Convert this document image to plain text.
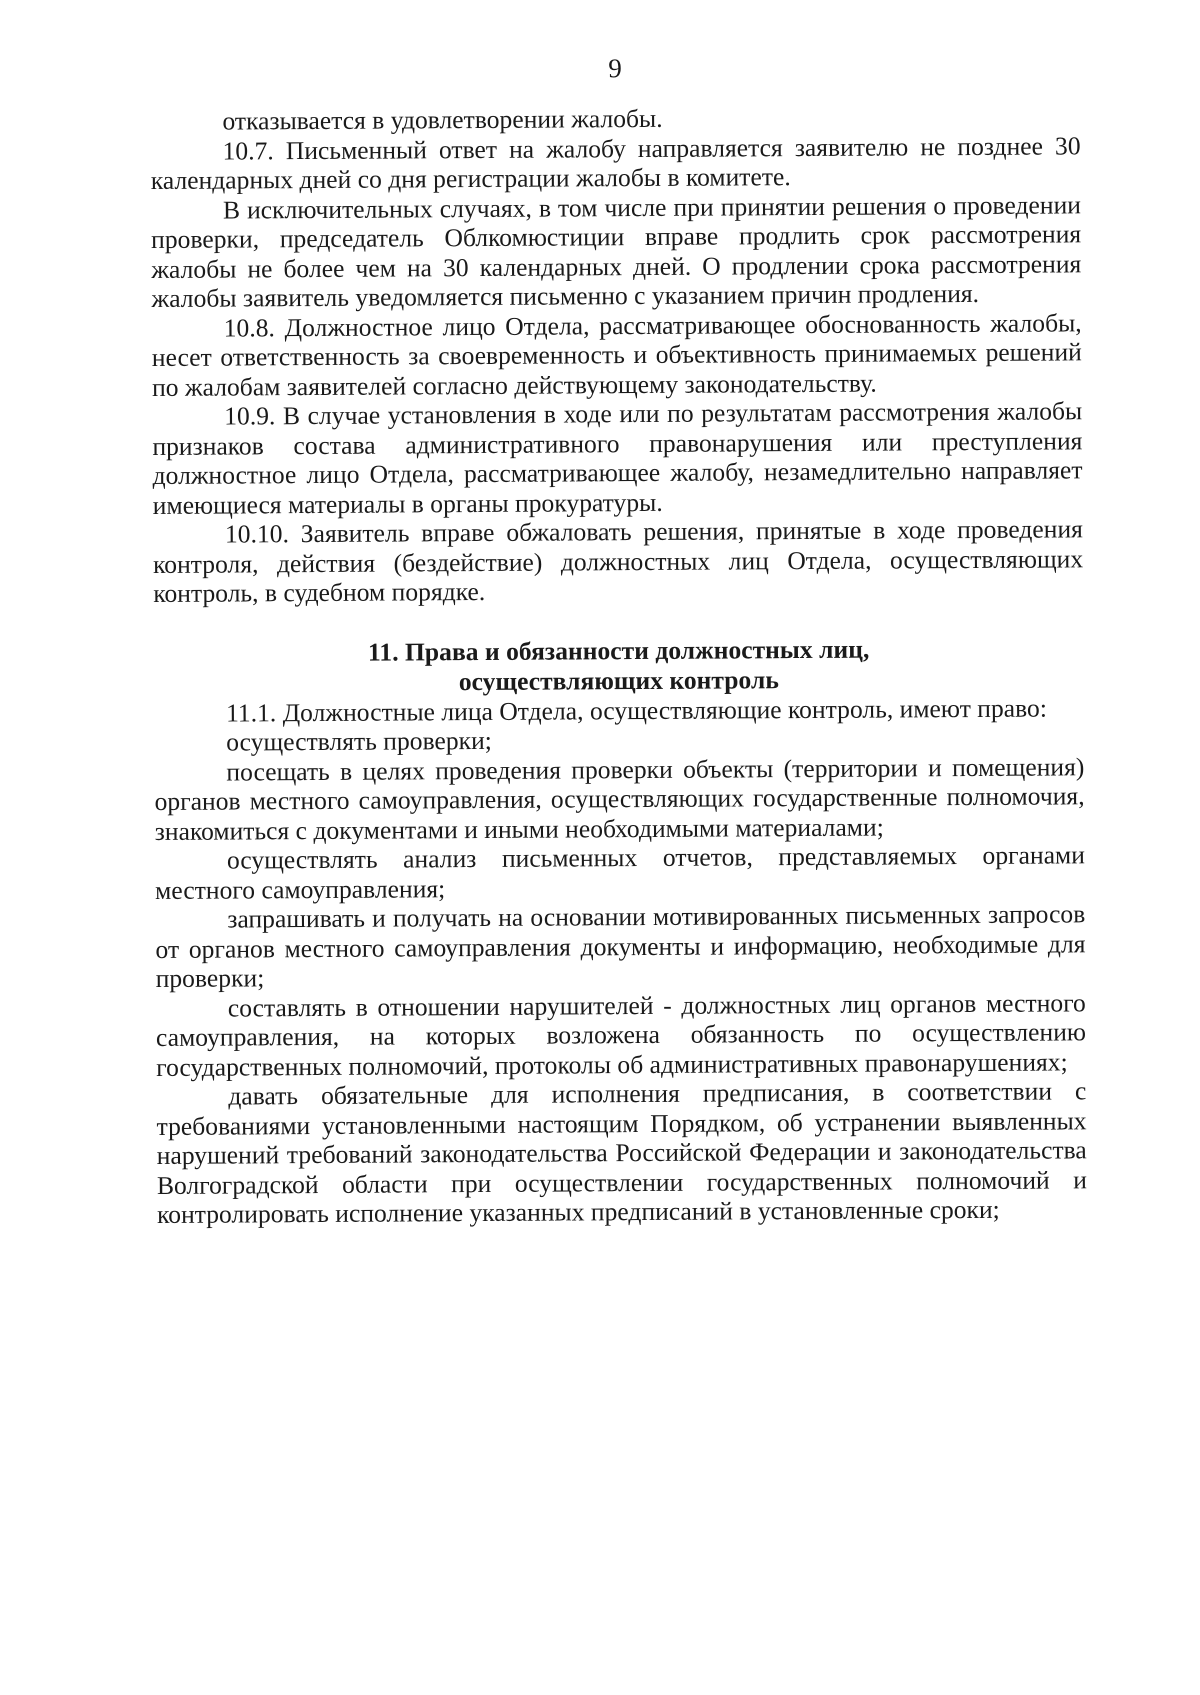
9

отказывается в удовлетворении жалобы.

10.7. Письменный ответ на жалобу направляется заявителю не позднее 30 календарных дней со дня регистрации жалобы в комитете.

В исключительных случаях, в том числе при принятии решения о проведении проверки, председатель Облкомюстиции вправе продлить срок рассмотрения жалобы не более чем на 30 календарных дней. О продлении срока рассмотрения жалобы заявитель уведомляется письменно с указанием причин продления.

10.8. Должностное лицо Отдела, рассматривающее обоснованность жалобы, несет ответственность за своевременность и объективность принимаемых решений по жалобам заявителей согласно действующему законодательству.

10.9. В случае установления в ходе или по результатам рассмотрения жалобы признаков состава административного правонарушения или преступления должностное лицо Отдела, рассматривающее жалобу, незамедлительно направляет имеющиеся материалы в органы прокуратуры.

10.10. Заявитель вправе обжаловать решения, принятые в ходе проведения контроля, действия (бездействие) должностных лиц Отдела, осуществляющих контроль, в судебном порядке.

11. Права и обязанности должностных лиц,
осуществляющих контроль

11.1. Должностные лица Отдела, осуществляющие контроль, имеют право:

осуществлять проверки;

посещать в целях проведения проверки объекты (территории и помещения) органов местного самоуправления, осуществляющих государственные полномочия, знакомиться с документами и иными необходимыми материалами;

осуществлять анализ письменных отчетов, представляемых органами местного самоуправления;

запрашивать и получать на основании мотивированных письменных запросов от органов местного самоуправления документы и информацию, необходимые для проверки;

составлять в отношении нарушителей - должностных лиц органов местного самоуправления, на которых возложена обязанность по осуществлению государственных полномочий, протоколы об административных правонарушениях;

давать обязательные для исполнения предписания, в соответствии с требованиями установленными настоящим Порядком, об устранении выявленных нарушений требований законодательства Российской Федерации и законодательства Волгоградской области при осуществлении государственных полномочий и контролировать исполнение указанных предписаний в установленные сроки;
